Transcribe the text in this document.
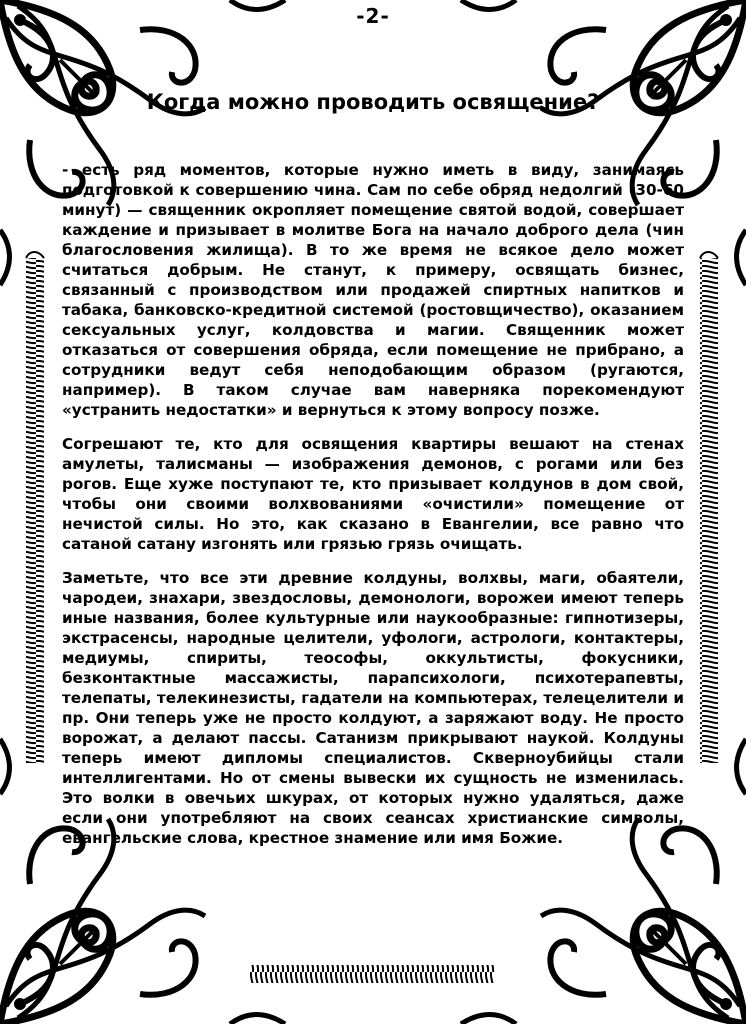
-2-
Когда можно проводить освящение?

- есть ряд моментов, которые нужно иметь в виду, занимаясь подготовкой к совершению чина. Сам по себе обряд недолгий (30-60 минут) — священник окропляет помещение святой водой, совершает каждение и призывает в молитве Бога на начало доброго дела (чин благословения жилища). В то же время не всякое дело может считаться добрым. Не станут, к примеру, освящать бизнес, связанный с производством или продажей спиртных напитков и табака, банковско-кредитной системой (ростовщичество), оказанием сексуальных услуг, колдовства и магии. Священник может отказаться от совершения обряда, если помещение не прибрано, а сотрудники ведут себя неподобающим образом (ругаются, например). В таком случае вам наверняка порекомендуют «устранить недостатки» и вернуться к этому вопросу позже.

Согрешают те, кто для освящения квартиры вешают на стенах амулеты, талисманы — изображения демонов, с рогами или без рогов. Еще хуже поступают те, кто призывает колдунов в дом свой, чтобы они своими волхвованиями «очистили» помещение от нечистой силы. Но это, как сказано в Евангелии, все равно что сатаной сатану изгонять или грязью грязь очищать.

Заметьте, что все эти древние колдуны, волхвы, маги, обаятели, чародеи, знахари, звездословы, демонологи, ворожеи имеют теперь иные названия, более культурные или наукообразные: гипнотизеры, экстрасенсы, народные целители, уфологи, астрологи, контактеры, медиумы, спириты, теософы, оккультисты, фокусники, безконтактные массажисты, парапсихологи, психотерапевты, телепаты, телекинезисты, гадатели на компьютерах, телецелители и пр. Они теперь уже не просто колдуют, а заряжают воду. Не просто ворожат, а делают пассы. Сатанизм прикрывают наукой. Колдуны теперь имеют дипломы специалистов. Скверноубийцы стали интеллигентами. Но от смены вывески их сущность не изменилась. Это волки в овечьих шкурах, от которых нужно удаляться, даже если они употребляют на своих сеансах христианские символы, евангельские слова, крестное знамение или имя Божие.
